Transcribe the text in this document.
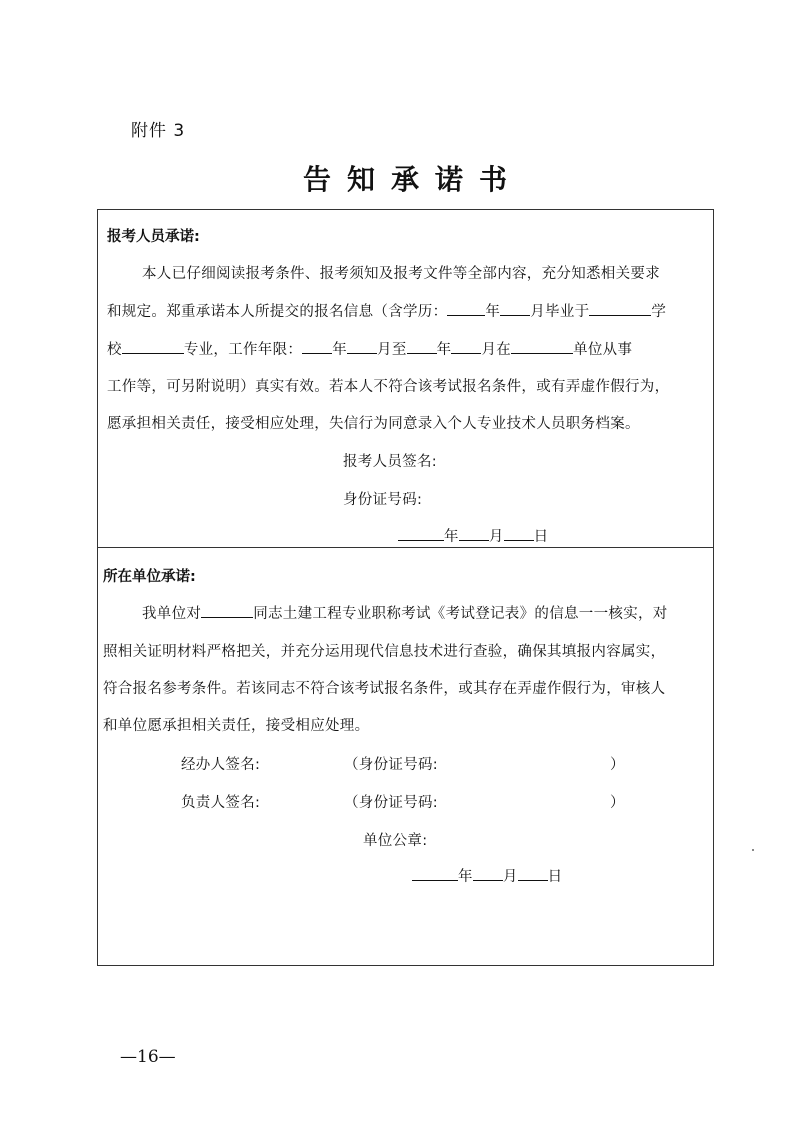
附件 3
告知承诺书
报考人员承诺:
本人已仔细阅读报考条件、报考须知及报考文件等全部内容，充分知悉相关要求
和规定。郑重承诺本人所提交的报名信息（含学历：	年 月毕业于	学
校	专业，工作年限： 年 月至 年 月在	单位从事
工作等，可另附说明）真实有效。若本人不符合该考试报名条件，或有弄虚作假行为，
愿承担相关责任，接受相应处理，失信行为同意录入个人专业技术人员职务档案。
报考人员签名:
身份证号码:
年 月 日
所在单位承诺:
我单位对	同志土建工程专业职称考试《考试登记表》的信息一一核实，对
照相关证明材料严格把关，并充分运用现代信息技术进行查验，确保其填报内容属实，
符合报名参考条件。若该同志不符合该考试报名条件，或其存在弄虚作假行为，审核人
和单位愿承担相关责任，接受相应处理。
经办人签名:	（身份证号码:	）
负责人签名:	（身份证号码:	）
单位公章:
年 月 日
—16—
